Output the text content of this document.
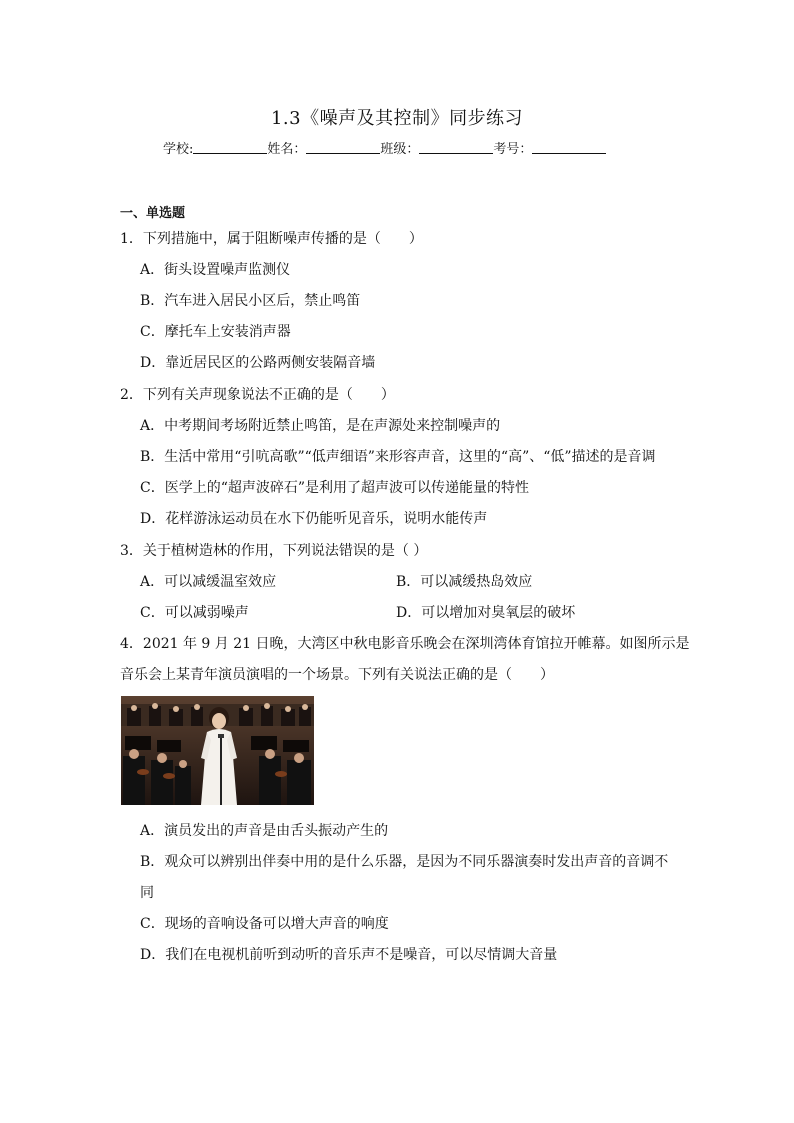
1.3《噪声及其控制》同步练习
学校:	姓名：	班级：	考号：
一、单选题
1．下列措施中，属于阻断噪声传播的是（　　）
A．街头设置噪声监测仪
B．汽车进入居民小区后，禁止鸣笛
C．摩托车上安装消声器
D．靠近居民区的公路两侧安装隔音墙
2．下列有关声现象说法不正确的是（　　）
A．中考期间考场附近禁止鸣笛，是在声源处来控制噪声的
B．生活中常用“引吭高歌”“低声细语”来形容声音，这里的“高”、“低”描述的是音调
C．医学上的“超声波碎石”是利用了超声波可以传递能量的特性
D．花样游泳运动员在水下仍能听见音乐，说明水能传声
3．关于植树造林的作用，下列说法错误的是（ ）
A．可以减缓温室效应	B．可以减缓热岛效应
C．可以减弱噪声	D．可以增加对臭氧层的破坏
4．2021 年 9 月 21 日晚，大湾区中秋电影音乐晚会在深圳湾体育馆拉开帷幕。如图所示是
音乐会上某青年演员演唱的一个场景。下列有关说法正确的是（　　）
A．演员发出的声音是由舌头振动产生的
B．观众可以辨别出伴奏中用的是什么乐器，是因为不同乐器演奏时发出声音的音调不
同
C．现场的音响设备可以增大声音的响度
D．我们在电视机前听到动听的音乐声不是噪音，可以尽情调大音量
